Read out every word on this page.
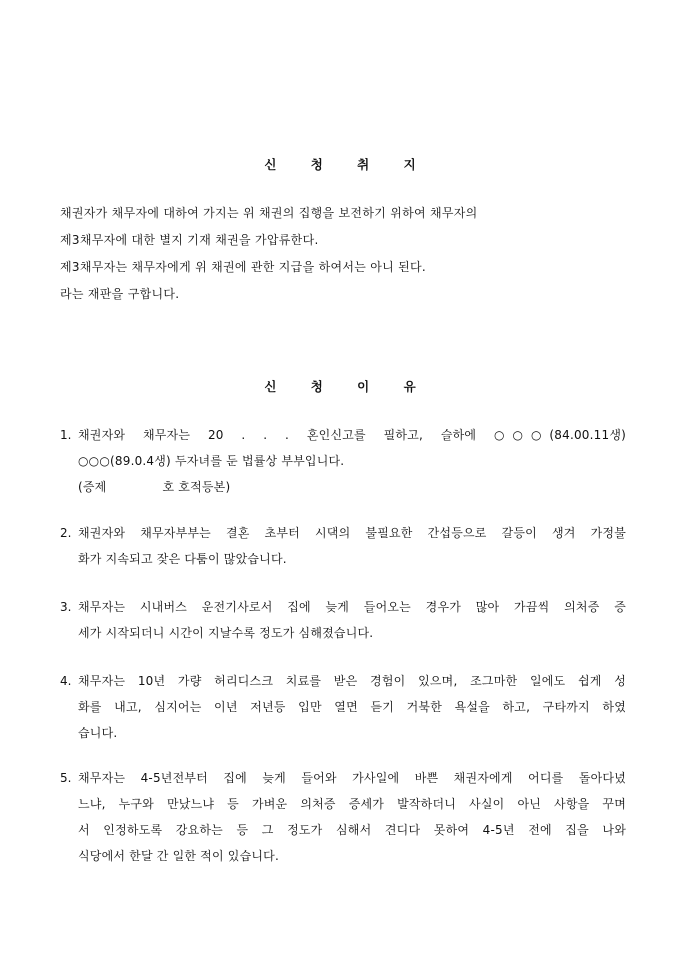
신 청 취 지
채권자가 채무자에 대하여 가지는 위 채권의 집행을 보전하기 위하여 채무자의
제3채무자에 대한 별지 기재 채권을 가압류한다.
제3채무자는 채무자에게 위 채권에 관한 지급을 하여서는 아니 된다.
라는 재판을 구합니다.
신 청 이 유
1. 채권자와 채무자는 20 . . . 혼인신고를 필하고, 슬하에 ○○○(84.00.11생)
○○○(89.0.4생) 두자녀를 둔 법률상 부부입니다.
(증제	호 호적등본)
2. 채권자와 채무자부부는 결혼 초부터 시댁의 불필요한 간섭등으로 갈등이 생겨 가정불
화가 지속되고 잦은 다툼이 많았습니다.
3. 채무자는 시내버스 운전기사로서 집에 늦게 들어오는 경우가 많아 가끔씩 의처증 증
세가 시작되더니 시간이 지날수록 정도가 심해졌습니다.
4. 채무자는 10년 가량 허리디스크 치료를 받은 경험이 있으며, 조그마한 일에도 쉽게 성
화를 내고, 심지어는 이년 저년등 입만 열면 듣기 거북한 욕설을 하고, 구타까지 하였
습니다.
5. 채무자는 4-5년전부터 집에 늦게 들어와 가사일에 바쁜 채권자에게 어디를 돌아다녔
느냐, 누구와 만났느냐 등 가벼운 의처증 증세가 발작하더니 사실이 아닌 사항을 꾸며
서 인정하도록 강요하는 등 그 정도가 심해서 견디다 못하여 4-5년 전에 집을 나와
식당에서 한달 간 일한 적이 있습니다.
